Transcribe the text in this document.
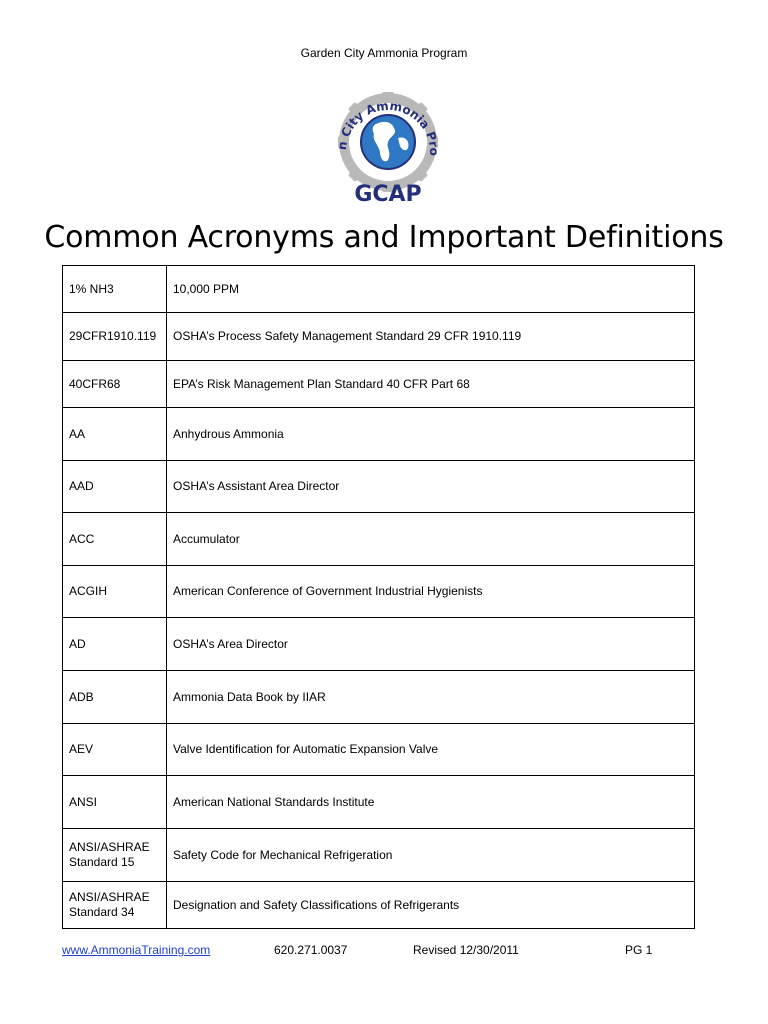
Garden City Ammonia Program
n City Ammonia Pro
GCAP
Common Acronyms and Important Definitions
1% NH3	10,000 PPM
29CFR1910.119	OSHA’s Process Safety Management Standard 29 CFR 1910.119
40CFR68	EPA’s Risk Management Plan Standard 40 CFR Part 68
AA	Anhydrous Ammonia
AAD	OSHA’s Assistant Area Director
ACC	Accumulator
ACGIH	American Conference of Government Industrial Hygienists
AD	OSHA’s Area Director
ADB	Ammonia Data Book by IIAR
AEV	Valve Identification for Automatic Expansion Valve
ANSI	American National Standards Institute
ANSI/ASHRAE Standard 15	Safety Code for Mechanical Refrigeration
ANSI/ASHRAE Standard 34	Designation and Safety Classifications of Refrigerants
www.AmmoniaTraining.com	620.271.0037	Revised 12/30/2011	PG 1
